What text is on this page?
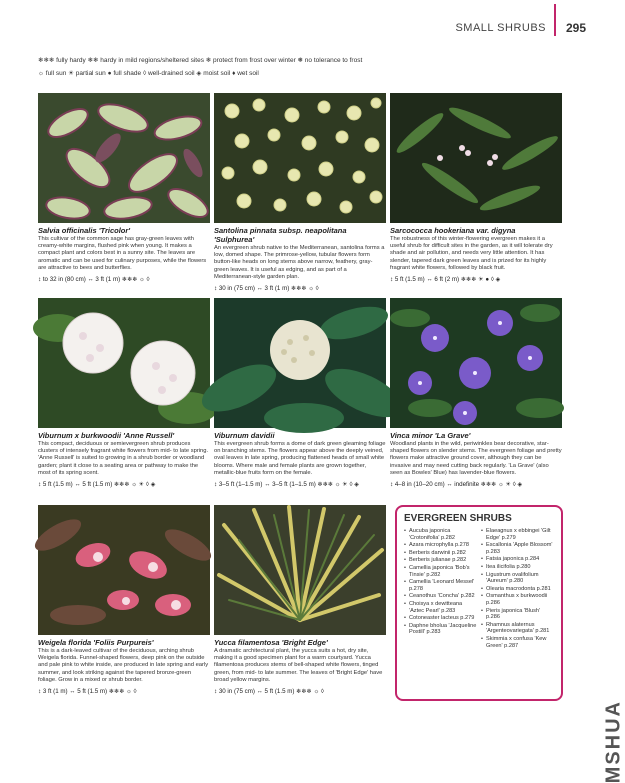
SMALL SHRUBS 295
❄❄❄ fully hardy ❄❄ hardy in mild regions/sheltered sites ❄ protect from frost over winter ❅ no tolerance to frost
☼ full sun ☀ partial sun ● full shade ◊ well-drained soil ◈ moist soil ♦ wet soil
Salvia officinalis 'Tricolor'
This cultivar of the common sage has gray-green leaves with creamy-white margins, flushed pink when young. It makes a compact plant and colors best in a sunny site. The leaves are aromatic and can be used for culinary purposes, while the flowers are attractive to bees and butterflies.
↕ to 32 in (80 cm) ↔ 3 ft (1 m) ❄❄❄ ☼ ◊
Santolina pinnata subsp. neapolitana 'Sulphurea'
An evergreen shrub native to the Mediterranean, santolina forms a low, domed shape. The primrose-yellow, tubular flowers form button-like heads on long stems above narrow, feathery, gray-green leaves. It is useful as edging, and as part of a Mediterranean-style garden plan.
↕ 30 in (75 cm) ↔ 3 ft (1 m) ❄❄❄ ☼ ◊
Sarcococca hookeriana var. digyna
The robustness of this winter-flowering evergreen makes it a useful shrub for difficult sites in the garden, as it will tolerate dry shade and air pollution, and needs very little attention. It has slender, tapered dark green leaves and is prized for its highly fragrant white flowers, followed by black fruit.
↕ 5 ft (1.5 m) ↔ 6 ft (2 m) ❄❄❄ ☀ ● ◊ ◈
Viburnum x burkwoodii 'Anne Russell'
This compact, deciduous or semievergreen shrub produces clusters of intensely fragrant white flowers from mid- to late spring. 'Anne Russell' is suited to growing in a shrub border or woodland garden; plant it close to a seating area or pathway to make the most of its spring scent.
↕ 5 ft (1.5 m) ↔ 5 ft (1.5 m) ❄❄❄ ☼ ☀ ◊ ◈
Viburnum davidii
This evergreen shrub forms a dome of dark green gleaming foliage on branching stems. The flowers appear above the deeply veined, oval leaves in late spring, producing flattened heads of small white blooms. Where male and female plants are grown together, metallic-blue fruits form on the female.
↕ 3–5 ft (1–1.5 m) ↔ 3–5 ft (1–1.5 m) ❄❄❄ ☼ ☀ ◊ ◈
Vinca minor 'La Grave'
Woodland plants in the wild, periwinkles bear decorative, star-shaped flowers on slender stems. The evergreen foliage and pretty flowers make attractive ground cover, although they can be invasive and may need cutting back regularly. 'La Grave' (also seen as Bowles' Blue) has lavender-blue flowers.
↕ 4–8 in (10–20 cm) ↔ indefinite ❄❄❄ ☼ ☀ ◊ ◈
Weigela florida 'Foliis Purpureis'
This is a dark-leaved cultivar of the deciduous, arching shrub Weigela florida. Funnel-shaped flowers, deep pink on the outside and pale pink to white inside, are produced in late spring and early summer, and look striking against the tapered bronze-green foliage. Grow in a mixed or shrub border.
↕ 3 ft (1 m) ↔ 5 ft (1.5 m) ❄❄❄ ☼ ◊
Yucca filamentosa 'Bright Edge'
A dramatic architectural plant, the yucca suits a hot, dry site, making it a good specimen plant for a warm courtyard. Yucca filamentosa produces stems of bell-shaped white flowers, tinged green, from mid- to late summer. The leaves of 'Bright Edge' have broad yellow margins.
↕ 30 in (75 cm) ↔ 5 ft (1.5 m) ❄❄❄ ☼ ◊
EVERGREEN SHRUBS
• Aucuba japonica 'Crotonifolia' p.282
• Azara microphylla p.278
• Berberis darwinii p.282
• Berberis julianae p.282
• Camellia japonica 'Bob's Tinsie' p.282
• Camellia 'Leonard Messel' p.278
• Ceanothus 'Concha' p.282
• Choisya x dewitteana 'Aztec Pearl' p.283
• Cotoneaster lacteus p.279
• Daphne bholua 'Jacqueline Postill' p.283
• Elaeagnus x ebbingei 'Gilt Edge' p.279
• Escallonia 'Apple Blossom' p.283
• Fatsia japonica p.284
• Itea ilicifolia p.280
• Ligustrum ovalifolium 'Aureum' p.280
• Olearia macrodonta p.281
• Osmanthus x burkwoodii p.286
• Pieris japonica 'Blush' p.286
• Rhamnus alaternus 'Argenteovariegata' p.281
• Skimmia x confusa 'Kew Green' p.287
MSHUA
